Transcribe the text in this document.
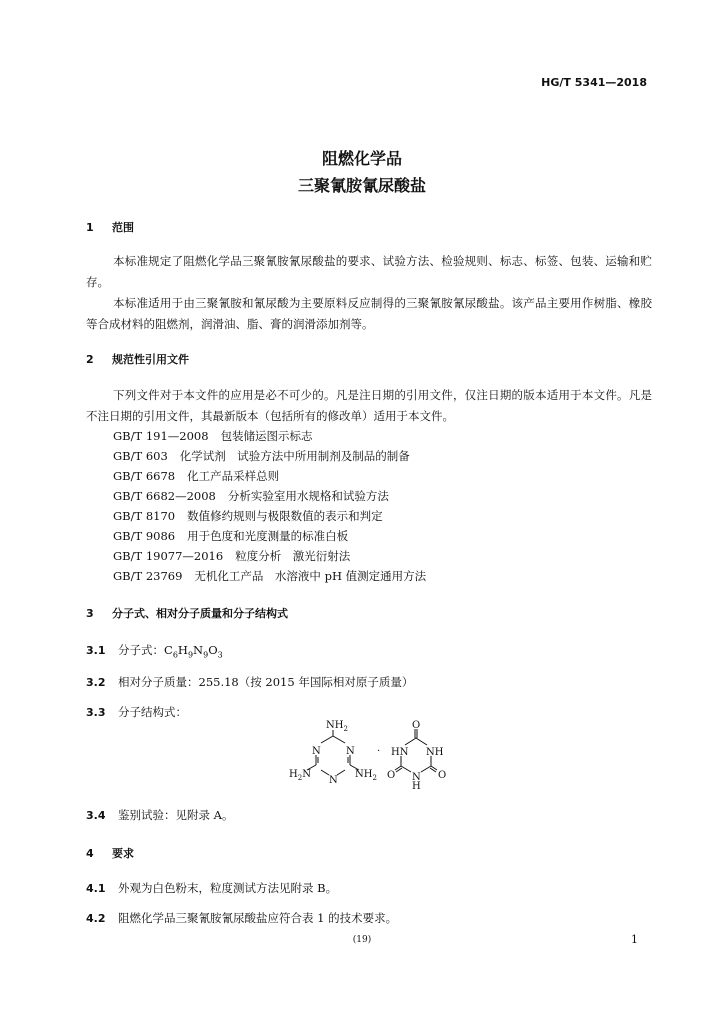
HG/T 5341—2018
阻燃化学品
三聚氰胺氰尿酸盐
1 范围
本标准规定了阻燃化学品三聚氰胺氰尿酸盐的要求、试验方法、检验规则、标志、标签、包装、运输和贮存。
本标准适用于由三聚氰胺和氰尿酸为主要原料反应制得的三聚氰胺氰尿酸盐。该产品主要用作树脂、橡胶等合成材料的阻燃剂，润滑油、脂、膏的润滑添加剂等。
2 规范性引用文件
下列文件对于本文件的应用是必不可少的。凡是注日期的引用文件，仅注日期的版本适用于本文件。凡是不注日期的引用文件，其最新版本（包括所有的修改单）适用于本文件。
GB/T 191—2008 包装储运图示标志
GB/T 603 化学试剂　试验方法中所用制剂及制品的制备
GB/T 6678 化工产品采样总则
GB/T 6682—2008 分析实验室用水规格和试验方法
GB/T 8170 数值修约规则与极限数值的表示和判定
GB/T 9086 用于色度和光度测量的标准白板
GB/T 19077—2016 粒度分析　激光衍射法
GB/T 23769 无机化工产品　水溶液中 pH 值测定通用方法
3 分子式、相对分子质量和分子结构式
3.1 分子式：$C_6H_9N_9O_3$
3.2 相对分子质量：255.18（按 2015 年国际相对原子质量）
3.3 分子结构式：
$NH_2$
N	N
N
$H_2N$	$NH_2$
·
O
HN NH
O	O
N
H
3.4 鉴别试验：见附录 A。
4 要求
4.1 外观为白色粉末，粒度测试方法见附录 B。
4.2 阻燃化学品三聚氰胺氰尿酸盐应符合表 1 的技术要求。
(19)	1
